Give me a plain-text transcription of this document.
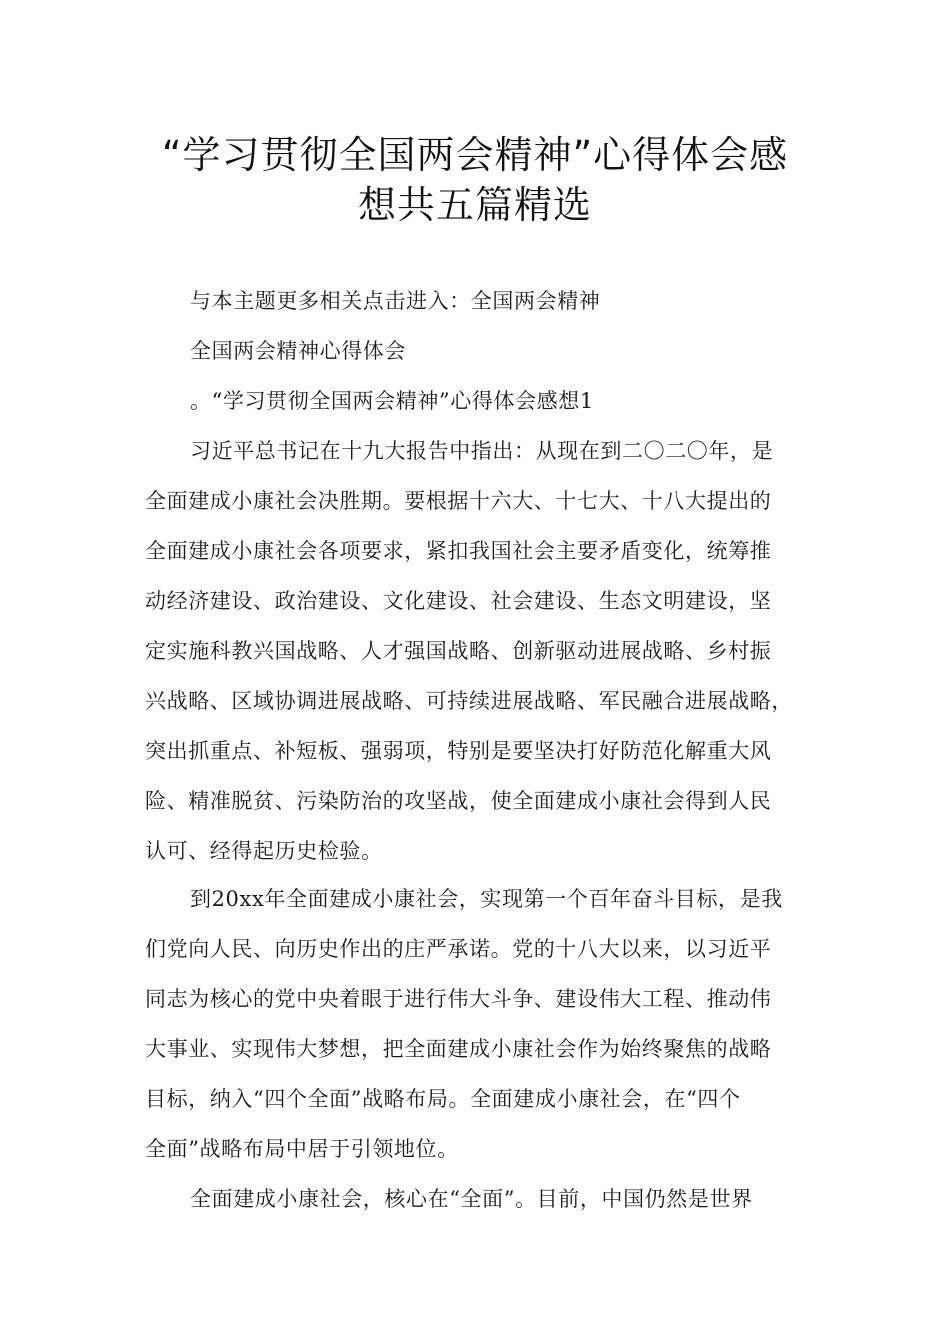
“学习贯彻全国两会精神”心得体会感
想共五篇精选
与本主题更多相关点击进入：全国两会精神
全国两会精神心得体会
。“学习贯彻全国两会精神”心得体会感想1
习近平总书记在十九大报告中指出：从现在到二〇二〇年，是
全面建成小康社会决胜期。要根据十六大、十七大、十八大提出的
全面建成小康社会各项要求，紧扣我国社会主要矛盾变化，统筹推
动经济建设、政治建设、文化建设、社会建设、生态文明建设，坚
定实施科教兴国战略、人才强国战略、创新驱动进展战略、乡村振
兴战略、区域协调进展战略、可持续进展战略、军民融合进展战略，
突出抓重点、补短板、强弱项，特别是要坚决打好防范化解重大风
险、精准脱贫、污染防治的攻坚战，使全面建成小康社会得到人民
认可、经得起历史检验。
到20xx年全面建成小康社会，实现第一个百年奋斗目标，是我
们党向人民、向历史作出的庄严承诺。党的十八大以来，以习近平
同志为核心的党中央着眼于进行伟大斗争、建设伟大工程、推动伟
大事业、实现伟大梦想，把全面建成小康社会作为始终聚焦的战略
目标，纳入“四个全面”战略布局。全面建成小康社会，在“四个
全面”战略布局中居于引领地位。
全面建成小康社会，核心在“全面”。目前，中国仍然是世界
